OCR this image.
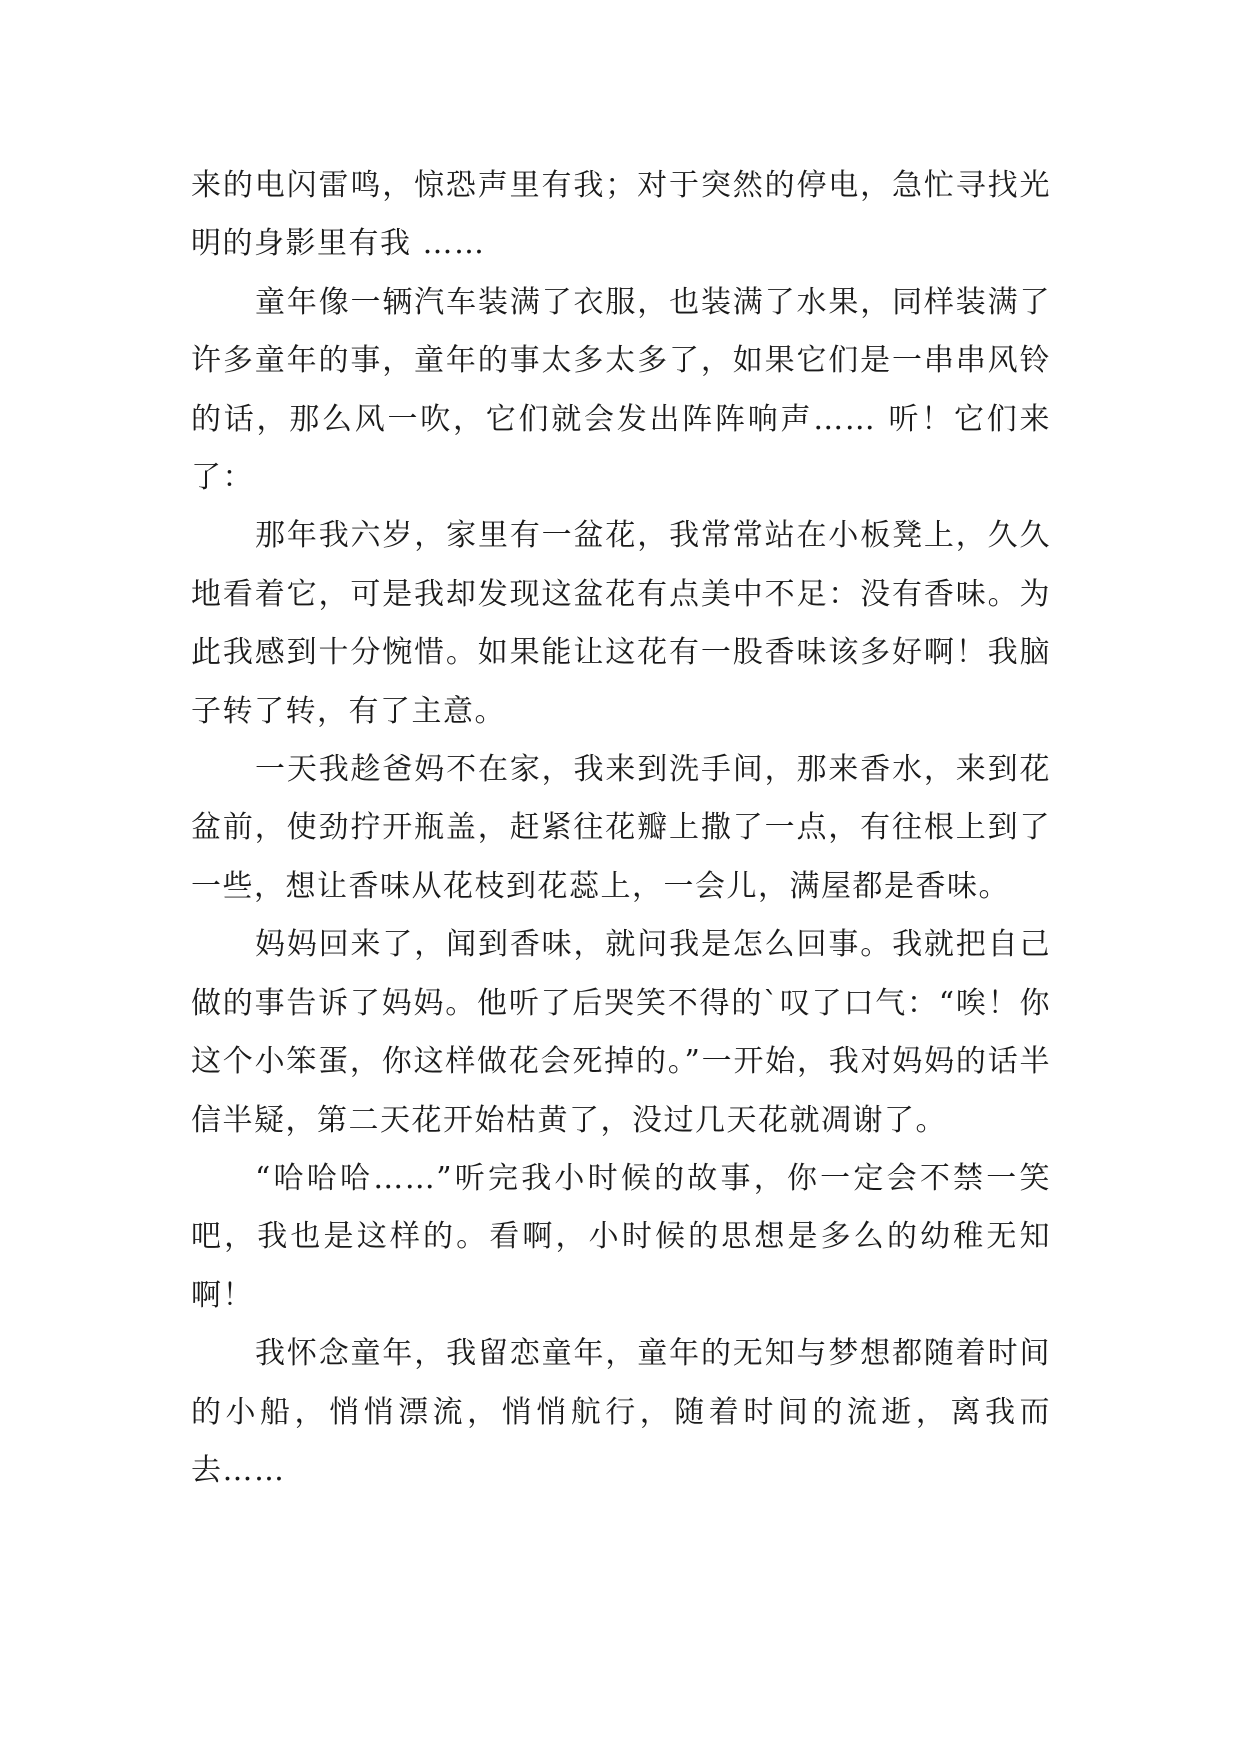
来的电闪雷鸣，惊恐声里有我；对于突然的停电，急忙寻找光明的身影里有我 ……

童年像一辆汽车装满了衣服，也装满了水果，同样装满了许多童年的事，童年的事太多太多了，如果它们是一串串风铃的话，那么风一吹，它们就会发出阵阵响声…… 听！它们来了：

那年我六岁，家里有一盆花，我常常站在小板凳上，久久地看着它，可是我却发现这盆花有点美中不足：没有香味。为此我感到十分惋惜。如果能让这花有一股香味该多好啊！我脑子转了转，有了主意。

一天我趁爸妈不在家，我来到洗手间，那来香水，来到花盆前，使劲拧开瓶盖，赶紧往花瓣上撒了一点，有往根上到了一些，想让香味从花枝到花蕊上，一会儿，满屋都是香味。

妈妈回来了，闻到香味，就问我是怎么回事。我就把自己做的事告诉了妈妈。他听了后哭笑不得的`叹了口气：“唉！你这个小笨蛋，你这样做花会死掉的。”一开始，我对妈妈的话半信半疑，第二天花开始枯黄了，没过几天花就凋谢了。

“哈哈哈……”听完我小时候的故事，你一定会不禁一笑吧，我也是这样的。看啊，小时候的思想是多么的幼稚无知啊！

我怀念童年，我留恋童年，童年的无知与梦想都随着时间的小船，悄悄漂流，悄悄航行，随着时间的流逝，离我而去……
